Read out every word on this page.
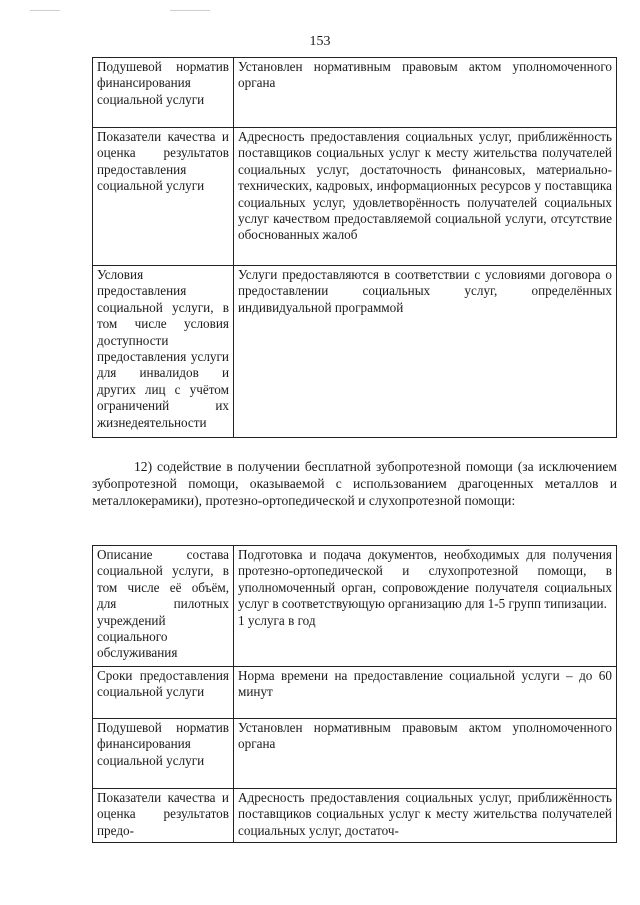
153
Подушевой норматив финансирования социальной услуги	Установлен нормативным правовым актом уполномоченного органа

Показатели качества и оценка результатов предоставления социальной услуги	Адресность предоставления социальных услуг, приближённость поставщиков социальных услуг к месту жительства получателей социальных услуг, достаточность финансовых, материально-технических, кадровых, информационных ресурсов у поставщика социальных услуг, удовлетворённость получателей социальных услуг качеством предоставляемой социальной услуги, отсутствие обоснованных жалоб

Условия предоставления социальной услуги, в том числе условия доступности предоставления услуги для инвалидов и других лиц с учётом ограничений их жизнедеятельности	Услуги предоставляются в соответствии с условиями договора о предоставлении социальных услуг, определённых индивидуальной программой
12) содействие в получении бесплатной зубопротезной помощи (за исключением зубопротезной помощи, оказываемой с использованием драгоценных металлов и металлокерамики), протезно-ортопедической и слухопротезной помощи:
Описание состава социальной услуги, в том числе её объём, для пилотных учреждений социального обслуживания	Подготовка и подача документов, необходимых для получения протезно-ортопедической и слухопротезной помощи, в уполномоченный орган, сопровождение получателя социальных услуг в соответствующую организацию для 1-5 групп типизации.
1 услуга в год

Сроки предоставления социальной услуги	Норма времени на предоставление социальной услуги – до 60 минут

Подушевой норматив финансирования социальной услуги	Установлен нормативным правовым актом уполномоченного органа

Показатели качества и оценка результатов предо-	Адресность предоставления социальных услуг, приближённость поставщиков социальных услуг к месту жительства получателей социальных услуг, достаточ-
